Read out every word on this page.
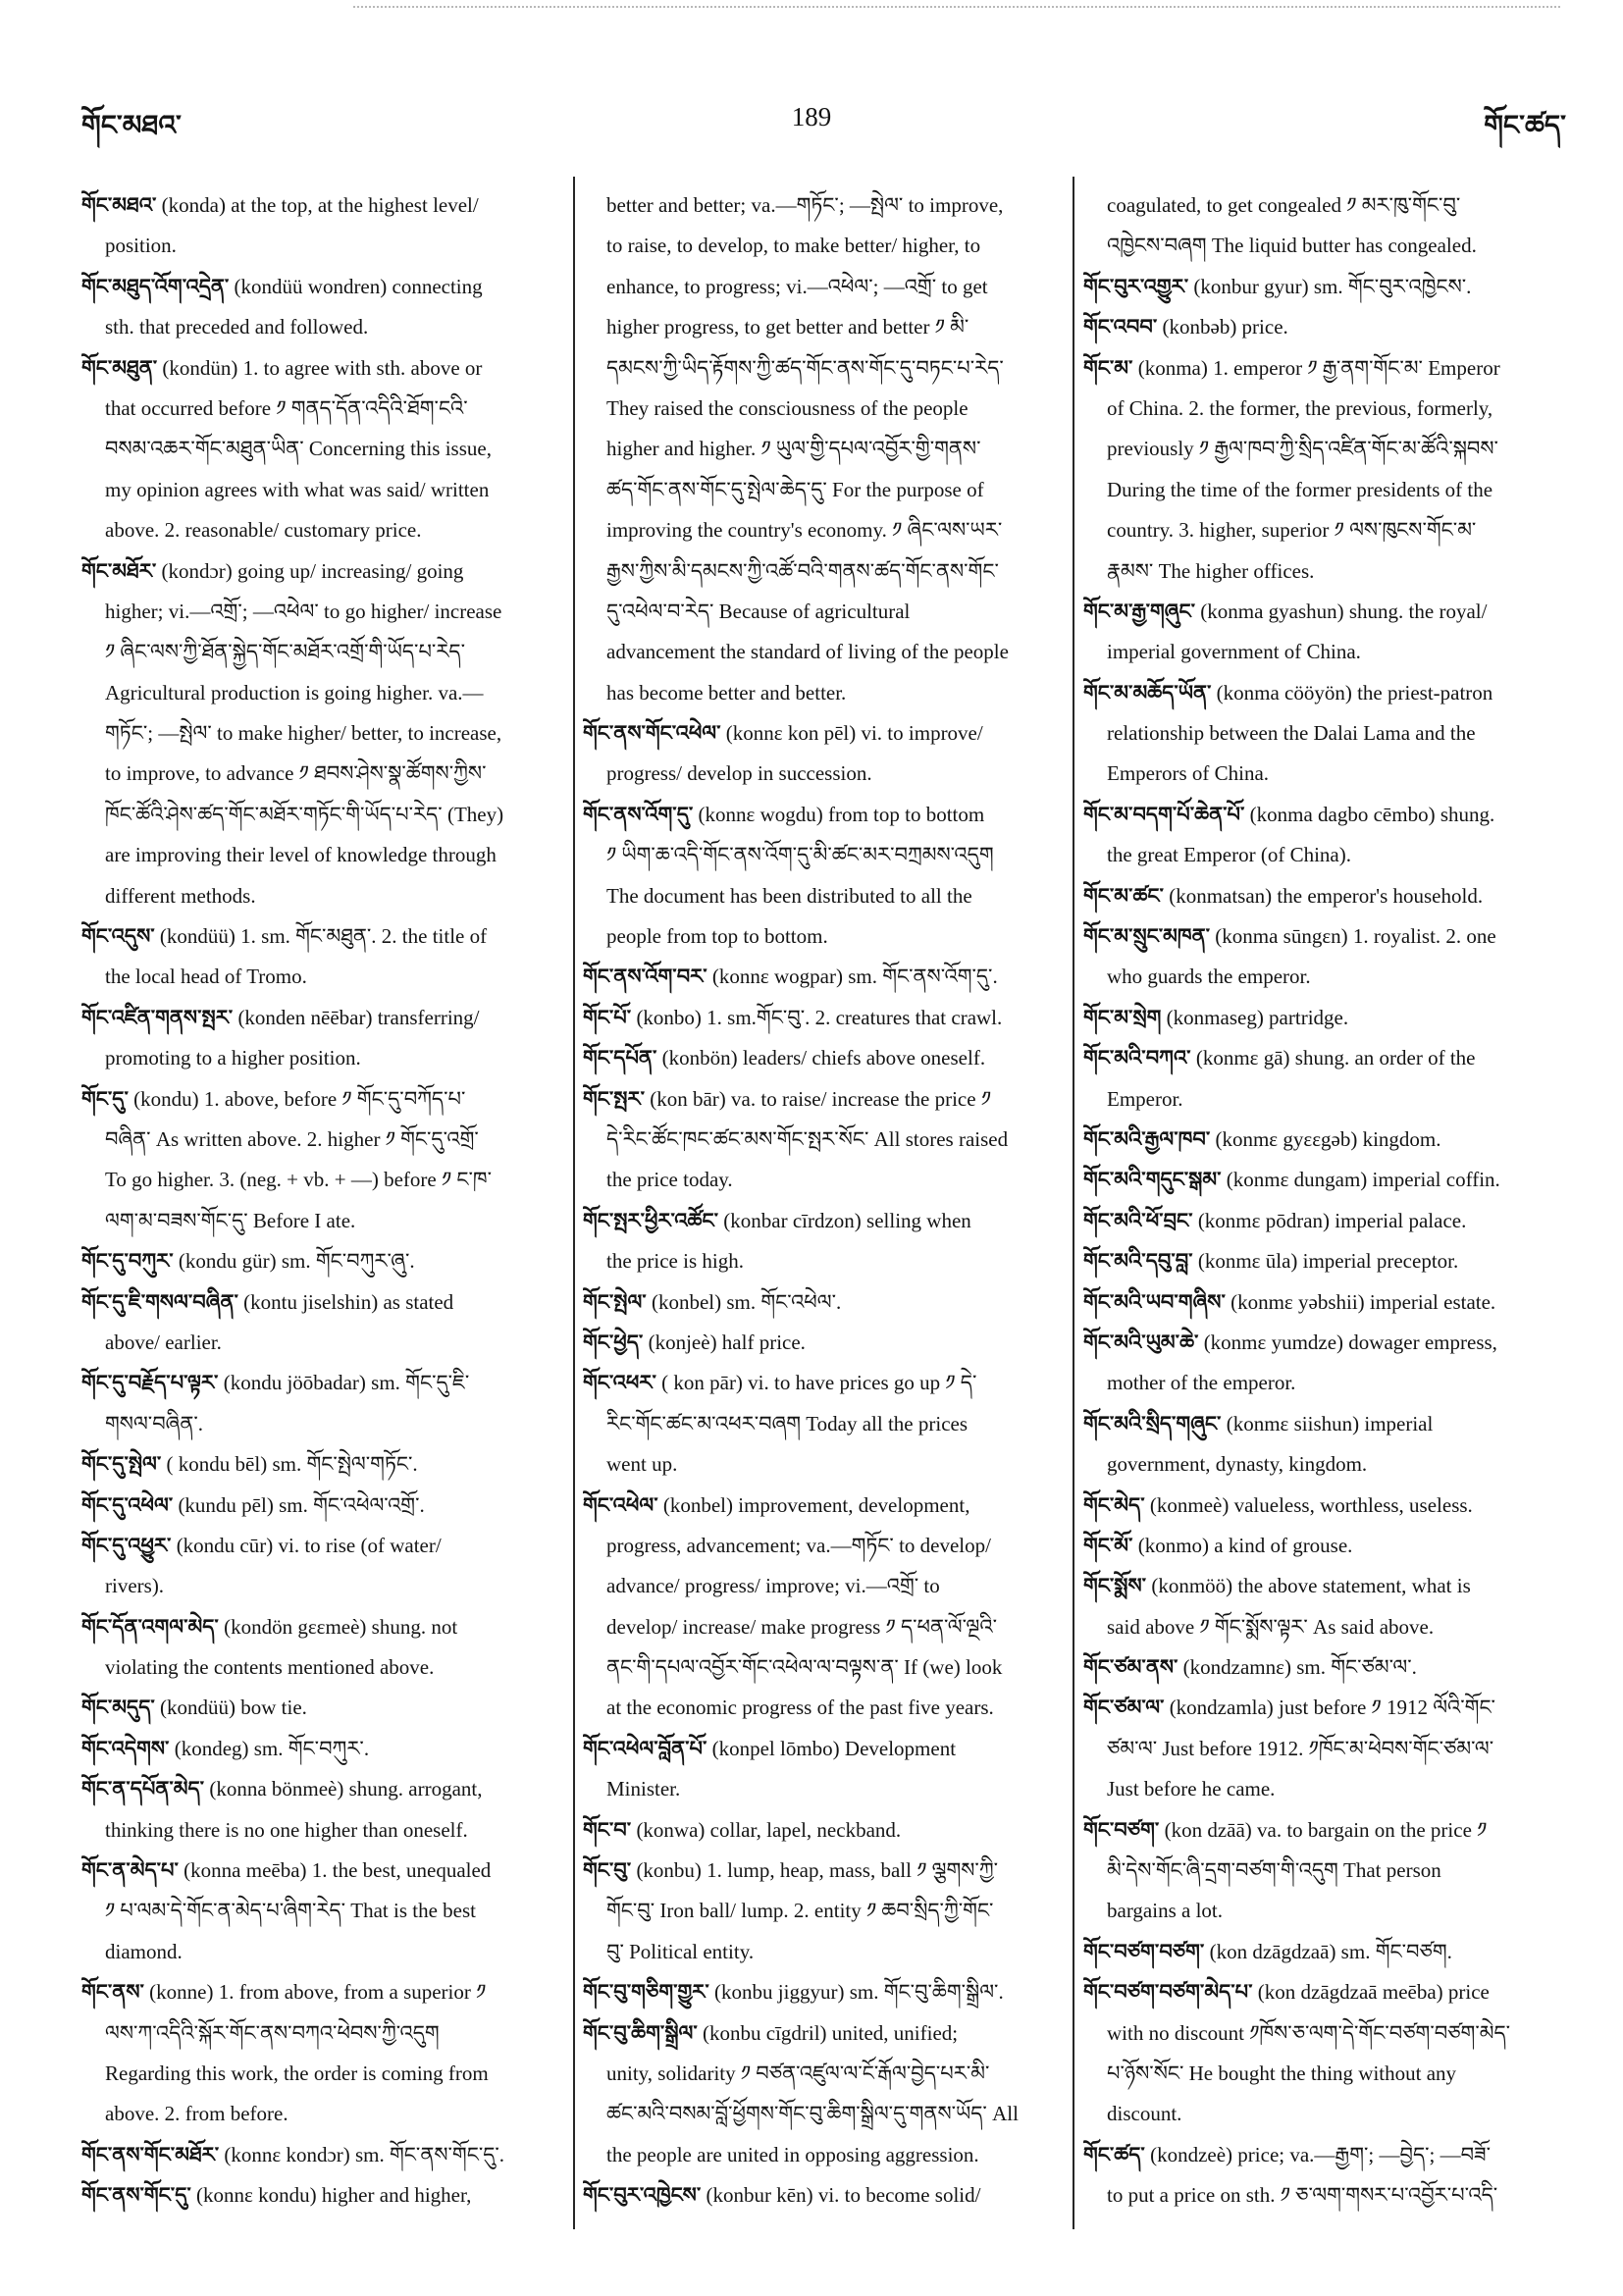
གོང་མཐའ་	189	གོང་ཚད་
གོང་མཐའ་ (konda) at the top, at the highest level/
position.
གོང་མཐུད་འོག་འདྲེན་ (kondüü wondren) connecting
sth. that preceded and followed.
གོང་མཐུན་ (kondün) 1. to agree with sth. above or
that occurred before ༡ གནད་དོན་འདིའི་ཐོག་ངའི་
བསམ་འཆར་གོང་མཐུན་ཡིན་ Concerning this issue,
my opinion agrees with what was said/ written
above. 2. reasonable/ customary price.
གོང་མཐོར་ (kondɔr) going up/ increasing/ going
higher; vi.—འགྲོ་; —འཕེལ་ to go higher/ increase
༡ ཞིང་ལས་ཀྱི་ཐོན་སྐྱེད་གོང་མཐོར་འགྲོ་གི་ཡོད་པ་རེད་
Agricultural production is going higher. va.—
གཏོང་; —སྤེལ་ to make higher/ better, to increase,
to improve, to advance ༡ ཐབས་ཤེས་སྣ་ཚོགས་ཀྱིས་
ཁོང་ཚོའི་ཤེས་ཚད་གོང་མཐོར་གཏོང་གི་ཡོད་པ་རེད་ (They)
are improving their level of knowledge through
different methods.
གོང་འདུས་ (kondüü) 1. sm. གོང་མཐུན་. 2. the title of
the local head of Tromo.
གོང་འཛིན་གནས་སྤར་ (konden nēēbar) transferring/
promoting to a higher position.
གོང་དུ་ (kondu) 1. above, before ༡ གོང་དུ་བཀོད་པ་
བཞིན་ As written above. 2. higher ༡ གོང་དུ་འགྲོ་
To go higher. 3. (neg. + vb. + —) before ༡ ང་ཁ་
ལག་མ་བཟས་གོང་དུ་ Before I ate.
གོང་དུ་བཀུར་ (kondu gür) sm. གོང་བཀུར་ཞུ་.
གོང་དུ་ཇི་གསལ་བཞིན་ (kontu jiselshin) as stated
above/ earlier.
གོང་དུ་བརྗོད་པ་ལྟར་ (kondu jöōbadar) sm. གོང་དུ་ཇི་
གསལ་བཞིན་.
གོང་དུ་སྤེལ་ ( kondu bēl) sm. གོང་སྤེལ་གཏོང་.
གོང་དུ་འཕེལ་ (kundu pēl) sm. གོང་འཕེལ་འགྲོ་.
གོང་དུ་འཕྱུར་ (kondu cūr) vi. to rise (of water/
rivers).
གོང་དོན་འགལ་མེད་ (kondön gɛɛmeè) shung. not
violating the contents mentioned above.
གོང་མདུད་ (kondüü) bow tie.
གོང་འདེགས་ (kondeg) sm. གོང་བཀུར་.
གོང་ན་དཔོན་མེད་ (konna bönmeè) shung. arrogant,
thinking there is no one higher than oneself.
གོང་ན་མེད་པ་ (konna meēba) 1. the best, unequaled
༡ པ་ལམ་དེ་གོང་ན་མེད་པ་ཞིག་རེད་ That is the best
diamond.
གོང་ནས་ (konne) 1. from above, from a superior ༡
ལས་ཀ་འདིའི་སྐོར་གོང་ནས་བཀའ་ཕེབས་ཀྱི་འདུག
Regarding this work, the order is coming from
above. 2. from before.
གོང་ནས་གོང་མཐོར་ (konnɛ kondɔr) sm. གོང་ནས་གོང་དུ་.
གོང་ནས་གོང་དུ་ (konnɛ kondu) higher and higher,
better and better; va.—གཏོང་; —སྤེལ་ to improve,
to raise, to develop, to make better/ higher, to
enhance, to progress; vi.—འཕེལ་; —འགྲོ་ to get
higher progress, to get better and better ༡ མི་
དམངས་ཀྱི་ཡིད་རྟོགས་ཀྱི་ཚད་གོང་ནས་གོང་དུ་བཏང་པ་རེད་
They raised the consciousness of the people
higher and higher. ༡ ཡུལ་གྱི་དཔལ་འབྱོར་གྱི་གནས་
ཚད་གོང་ནས་གོང་དུ་སྤེལ་ཆེད་དུ་ For the purpose of
improving the country's economy. ༡ ཞིང་ལས་ཡར་
རྒྱས་ཀྱིས་མི་དམངས་ཀྱི་འཚོ་བའི་གནས་ཚད་གོང་ནས་གོང་
དུ་འཕེལ་བ་རེད་ Because of agricultural
advancement the standard of living of the people
has become better and better.
གོང་ནས་གོང་འཕེལ་ (konnɛ kon pēl) vi. to improve/
progress/ develop in succession.
གོང་ནས་འོག་དུ་ (konnɛ wogdu) from top to bottom
༡ ཡིག་ཆ་འདི་གོང་ནས་འོག་དུ་མི་ཚང་མར་བཀྲམས་འདུག
The document has been distributed to all the
people from top to bottom.
གོང་ནས་འོག་བར་ (konnɛ wogpar) sm. གོང་ནས་འོག་དུ་.
གོང་པོ་ (konbo) 1. sm.གོང་བུ་. 2. creatures that crawl.
གོང་དཔོན་ (konbön) leaders/ chiefs above oneself.
གོང་སྤར་ (kon bār) va. to raise/ increase the price ༡
དེ་རིང་ཚོང་ཁང་ཚང་མས་གོང་སྤར་སོང་ All stores raised
the price today.
གོང་སྤར་ཕྱིར་འཚོང་ (konbar cīrdzon) selling when
the price is high.
གོང་སྤེལ་ (konbel) sm. གོང་འཕེལ་.
གོང་ཕྱེད་ (konjeè) half price.
གོང་འཕར་ ( kon pār) vi. to have prices go up ༡ དེ་
རིང་གོང་ཚང་མ་འཕར་བཞག Today all the prices
went up.
གོང་འཕེལ་ (konbel) improvement, development,
progress, advancement; va.—གཏོང་ to develop/
advance/ progress/ improve; vi.—འགྲོ་ to
develop/ increase/ make progress ༡ ད་ཕན་ལོ་ལྔའི་
ནང་གི་དཔལ་འབྱོར་གོང་འཕེལ་ལ་བལྟས་ན་ If (we) look
at the economic progress of the past five years.
གོང་འཕེལ་བློན་པོ་ (konpel lōmbo) Development
Minister.
གོང་བ་ (konwa) collar, lapel, neckband.
གོང་བུ་ (konbu) 1. lump, heap, mass, ball ༡ ལྕགས་ཀྱི་
གོང་བུ་ Iron ball/ lump. 2. entity ༡ ཆབ་སྲིད་ཀྱི་གོང་
བུ་ Political entity.
གོང་བུ་གཅིག་གྱུར་ (konbu jiggyur) sm. གོང་བུ་ཆིག་སྒྲིལ་.
གོང་བུ་ཆིག་སྒྲིལ་ (konbu cīgdril) united, unified;
unity, solidarity ༡ བཙན་འཛུལ་ལ་ངོ་རྒོལ་བྱེད་པར་མི་
ཚང་མའི་བསམ་བློ་ཕྱོགས་གོང་བུ་ཆིག་སྒྲིལ་དུ་གནས་ཡོད་ All
the people are united in opposing aggression.
གོང་བུར་འཁྱེངས་ (konbur kēn) vi. to become solid/
coagulated, to get congealed ༡ མར་ཁུ་གོང་བུ་
འཁྱེངས་བཞག The liquid butter has congealed.
གོང་བུར་འགྱུར་ (konbur gyur) sm. གོང་བུར་འཁྱེངས་.
གོང་འབབ་ (konbəb) price.
གོང་མ་ (konma) 1. emperor ༡ རྒྱ་ནག་གོང་མ་ Emperor
of China. 2. the former, the previous, formerly,
previously ༡ རྒྱལ་ཁབ་ཀྱི་སྲིད་འཛིན་གོང་མ་ཚོའི་སྐབས་
During the time of the former presidents of the
country. 3. higher, superior ༡ ལས་ཁུངས་གོང་མ་
རྣམས་ The higher offices.
གོང་མ་རྒྱ་གཞུང་ (konma gyashun) shung. the royal/
imperial government of China.
གོང་མ་མཆོད་ཡོན་ (konma cööyön) the priest-patron
relationship between the Dalai Lama and the
Emperors of China.
གོང་མ་བདག་པོ་ཆེན་པོ་ (konma dagbo cēmbo) shung.
the great Emperor (of China).
གོང་མ་ཚང་ (konmatsan) the emperor's household.
གོང་མ་སྲུང་མཁན་ (konma sūngɛn) 1. royalist. 2. one
who guards the emperor.
གོང་མ་སྲེག (konmaseg) partridge.
གོང་མའི་བཀའ་ (konmɛ gā) shung. an order of the
Emperor.
གོང་མའི་རྒྱལ་ཁབ་ (konmɛ gyɛɛgəb) kingdom.
གོང་མའི་གདུང་སྒམ་ (konmɛ dungam) imperial coffin.
གོང་མའི་ཕོ་བྲང་ (konmɛ pōdran) imperial palace.
གོང་མའི་དབུ་བླ་ (konmɛ ūla) imperial preceptor.
གོང་མའི་ཡབ་གཞིས་ (konmɛ yəbshii) imperial estate.
གོང་མའི་ཡུམ་ཆེ་ (konmɛ yumdze) dowager empress,
mother of the emperor.
གོང་མའི་སྲིད་གཞུང་ (konmɛ siishun) imperial
government, dynasty, kingdom.
གོང་མེད་ (konmeè) valueless, worthless, useless.
གོང་མོ་ (konmo) a kind of grouse.
གོང་སྨོས་ (konmöö) the above statement, what is
said above ༡ གོང་སྨོས་ལྟར་ As said above.
གོང་ཙམ་ནས་ (kondzamnɛ) sm. གོང་ཙམ་ལ་.
གོང་ཙམ་ལ་ (kondzamla) just before ༡ 1912 ལོའི་གོང་
ཙམ་ལ་ Just before 1912. ༡ཁོང་མ་ཕེབས་གོང་ཙམ་ལ་
Just before he came.
གོང་བཙག་ (kon dzāā) va. to bargain on the price ༡
མི་དེས་གོང་ཞི་དྲག་བཙག་གི་འདུག That person
bargains a lot.
གོང་བཙག་བཙག་ (kon dzāgdzaā) sm. གོང་བཙག.
གོང་བཙག་བཙག་མེད་པ་ (kon dzāgdzaā meēba) price
with no discount ༡ཁོས་ཅ་ལག་དེ་གོང་བཙག་བཙག་མེད་
པ་ཉོས་སོང་ He bought the thing without any
discount.
གོང་ཚད་ (kondzeè) price; va.—རྒྱག་; —བྱེད་; —བཟོ་
to put a price on sth. ༡ ཅ་ལག་གསར་པ་འབྱོར་པ་འདི་
